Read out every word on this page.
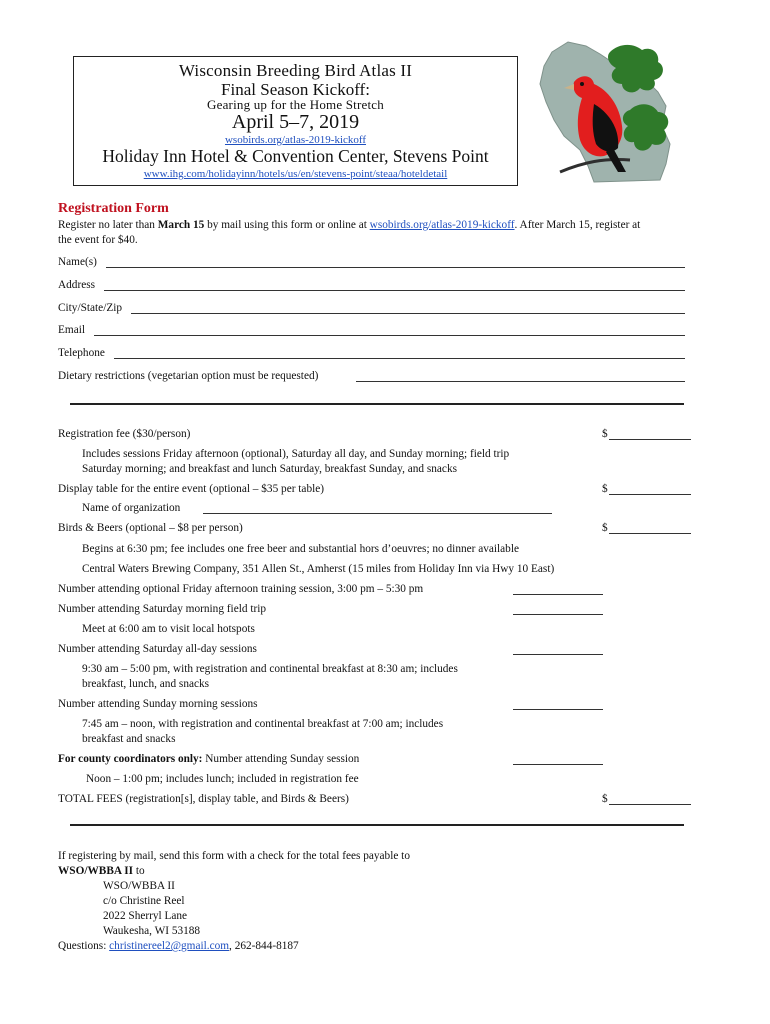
Wisconsin Breeding Bird Atlas II
Final Season Kickoff:
Gearing up for the Home Stretch
April 5–7, 2019
wsobirds.org/atlas-2019-kickoff
Holiday Inn Hotel & Convention Center, Stevens Point
www.ihg.com/holidayinn/hotels/us/en/stevens-point/steaa/hoteldetail
Registration Form
Register no later than March 15 by mail using this form or online at wsobirds.org/atlas-2019-kickoff. After March 15, register at
the event for $40.
Name(s)
Address
City/State/Zip
Email
Telephone
Dietary restrictions (vegetarian option must be requested)
Registration fee ($30/person)	$
Includes sessions Friday afternoon (optional), Saturday all day, and Sunday morning; field trip
Saturday morning; and breakfast and lunch Saturday, breakfast Sunday, and snacks
Display table for the entire event (optional – $35 per table)	$
Name of organization
Birds & Beers (optional – $8 per person)	$
Begins at 6:30 pm; fee includes one free beer and substantial hors d’oeuvres; no dinner available
Central Waters Brewing Company, 351 Allen St., Amherst (15 miles from Holiday Inn via Hwy 10 East)
Number attending optional Friday afternoon training session, 3:00 pm – 5:30 pm
Number attending Saturday morning field trip
Meet at 6:00 am to visit local hotspots
Number attending Saturday all-day sessions
9:30 am – 5:00 pm, with registration and continental breakfast at 8:30 am; includes
breakfast, lunch, and snacks
Number attending Sunday morning sessions
7:45 am – noon, with registration and continental breakfast at 7:00 am; includes
breakfast and snacks
For county coordinators only: Number attending Sunday session
Noon – 1:00 pm; includes lunch; included in registration fee
TOTAL FEES (registration[s], display table, and Birds & Beers)	$
If registering by mail, send this form with a check for the total fees payable to
WSO/WBBA II to
WSO/WBBA II
c/o Christine Reel
2022 Sherryl Lane
Waukesha, WI 53188
Questions: christinereel2@gmail.com, 262-844-8187
